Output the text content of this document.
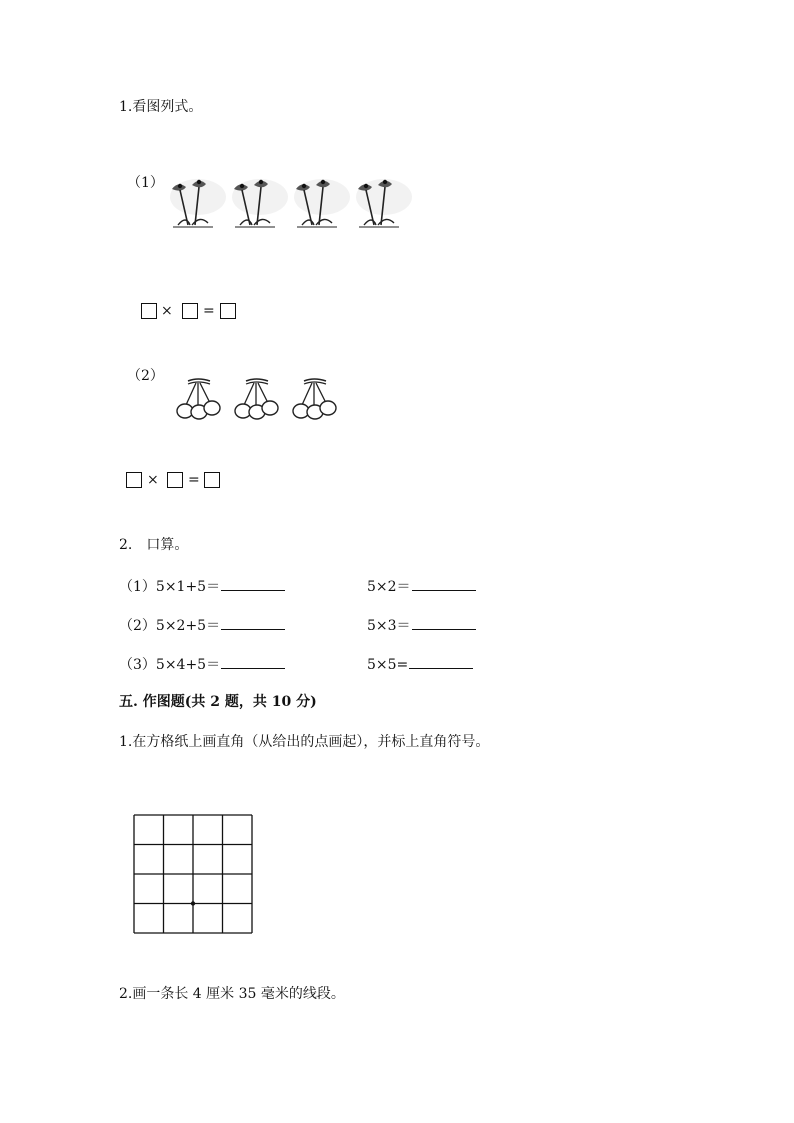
1.看图列式。
（1）
× =
（2）
× =
2.　口算。
（1）5×1+5＝	5×2＝
（2）5×2+5＝	5×3＝
（3）5×4+5＝	5×5=
五. 作图题(共 2 题，共 10 分)
1.在方格纸上画直角（从给出的点画起），并标上直角符号。
2.画一条长 4 厘米 35 毫米的线段。
